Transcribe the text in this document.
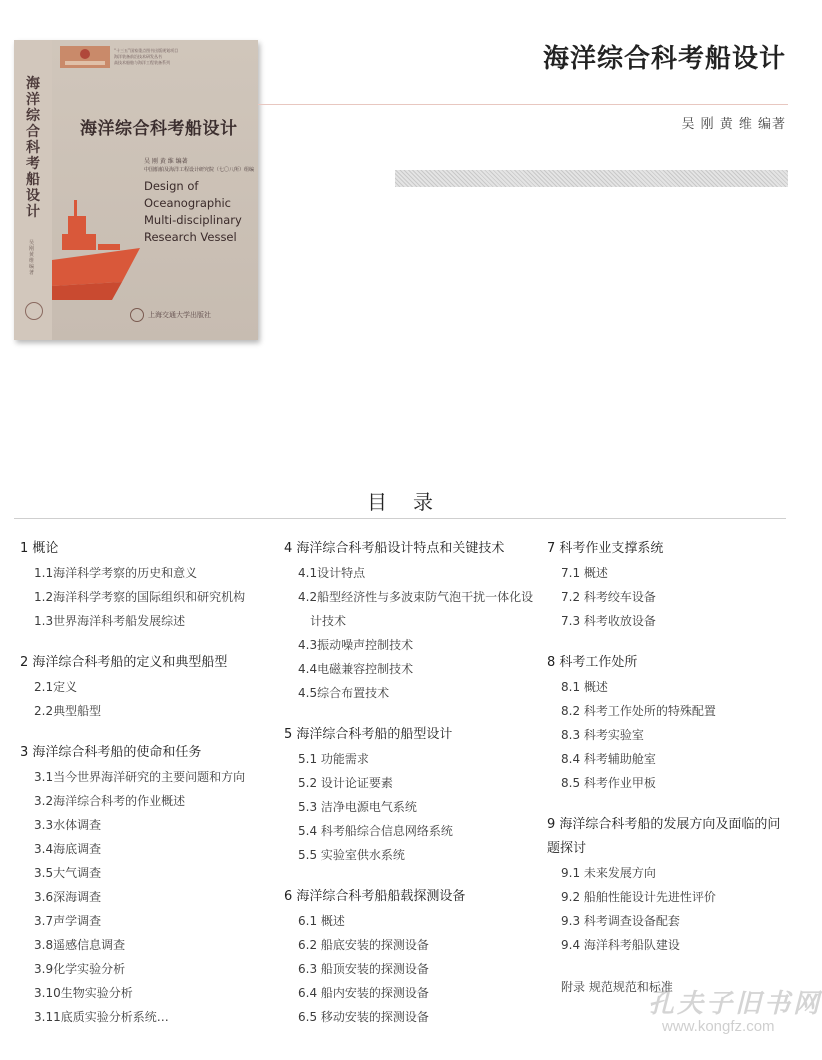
海洋综合科考船设计
吴刚黄维编著
“十三五”国家重点图书出版规划项目
海洋装备前沿技术研发丛书
高技术船舶与海洋工程装备系列
海洋综合科考船设计
吴 刚 黄 维 编著
中国船舶及海洋工程设计研究院（七〇八所）组编
Design of Oceanographic Multi-disciplinary Research Vessel
上海交通大学出版社
海洋综合科考船设计
吴 刚 黄 维 编著
目录
1 概论
1.1海洋科学考察的历史和意义
1.2海洋科学考察的国际组织和研究机构
1.3世界海洋科考船发展综述
2 海洋综合科考船的定义和典型船型
2.1定义
2.2典型船型
3 海洋综合科考船的使命和任务
3.1当今世界海洋研究的主要问题和方向
3.2海洋综合科考的作业概述
3.3水体调查
3.4海底调查
3.5大气调查
3.6深海调查
3.7声学调查
3.8遥感信息调查
3.9化学实验分析
3.10生物实验分析
3.11底质实验分析系统…
4 海洋综合科考船设计特点和关键技术
4.1设计特点
4.2船型经济性与多波束防气泡干扰一体化设计技术
4.3振动噪声控制技术
4.4电磁兼容控制技术
4.5综合布置技术
5 海洋综合科考船的船型设计
5.1 功能需求
5.2 设计论证要素
5.3 洁净电源电气系统
5.4 科考船综合信息网络系统
5.5 实验室供水系统
6 海洋综合科考船船载探测设备
6.1 概述
6.2 船底安装的探测设备
6.3 船顶安装的探测设备
6.4 船内安装的探测设备
6.5 移动安装的探测设备
7 科考作业支撑系统
7.1 概述
7.2 科考绞车设备
7.3 科考收放设备
8 科考工作处所
8.1 概述
8.2 科考工作处所的特殊配置
8.3 科考实验室
8.4 科考辅助舱室
8.5 科考作业甲板
9 海洋综合科考船的发展方向及面临的问题探讨
9.1 未来发展方向
9.2 船舶性能设计先进性评价
9.3 科考调查设备配套
9.4 海洋科考船队建设
附录 规范规范和标准
孔夫子旧书网
www.kongfz.com
